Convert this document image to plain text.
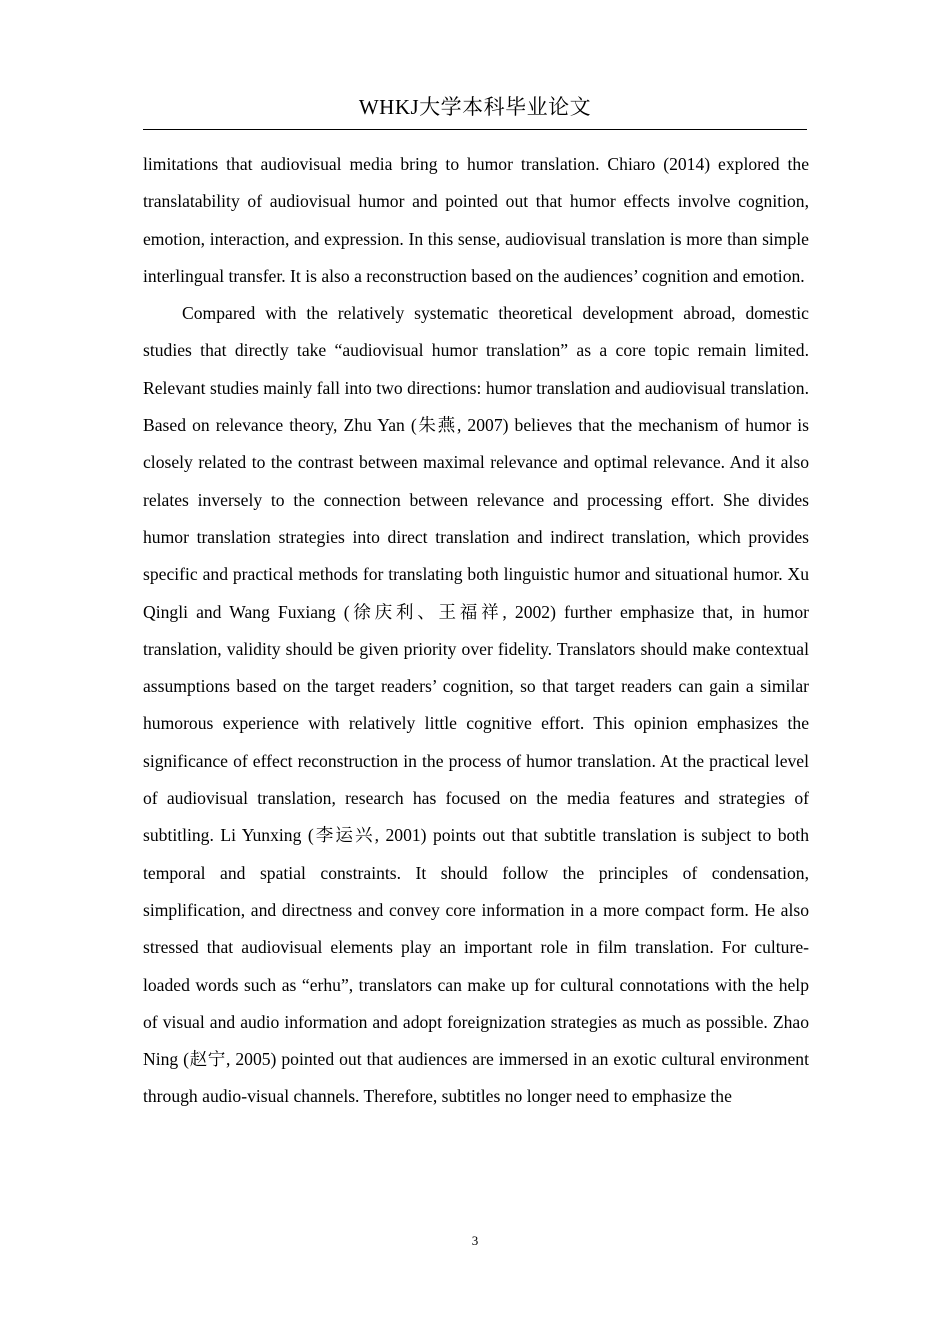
WHKJ大学本科毕业论文

limitations that audiovisual media bring to humor translation. Chiaro (2014) explored the translatability of audiovisual humor and pointed out that humor effects involve cognition, emotion, interaction, and expression. In this sense, audiovisual translation is more than simple interlingual transfer. It is also a reconstruction based on the audiences’ cognition and emotion.

Compared with the relatively systematic theoretical development abroad, domestic studies that directly take “audiovisual humor translation” as a core topic remain limited. Relevant studies mainly fall into two directions: humor translation and audiovisual translation. Based on relevance theory, Zhu Yan (朱燕, 2007) believes that the mechanism of humor is closely related to the contrast between maximal relevance and optimal relevance. And it also relates inversely to the connection between relevance and processing effort. She divides humor translation strategies into direct translation and indirect translation, which provides specific and practical methods for translating both linguistic humor and situational humor. Xu Qingli and Wang Fuxiang (徐庆利、王福祥, 2002) further emphasize that, in humor translation, validity should be given priority over fidelity. Translators should make contextual assumptions based on the target readers’ cognition, so that target readers can gain a similar humorous experience with relatively little cognitive effort. This opinion emphasizes the significance of effect reconstruction in the process of humor translation. At the practical level of audiovisual translation, research has focused on the media features and strategies of subtitling. Li Yunxing (李运兴, 2001) points out that subtitle translation is subject to both temporal and spatial constraints. It should follow the principles of condensation, simplification, and directness and convey core information in a more compact form. He also stressed that audiovisual elements play an important role in film translation. For culture-loaded words such as “erhu”, translators can make up for cultural connotations with the help of visual and audio information and adopt foreignization strategies as much as possible. Zhao Ning (赵宁, 2005) pointed out that audiences are immersed in an exotic cultural environment through audio-visual channels. Therefore, subtitles no longer need to emphasize the

3
